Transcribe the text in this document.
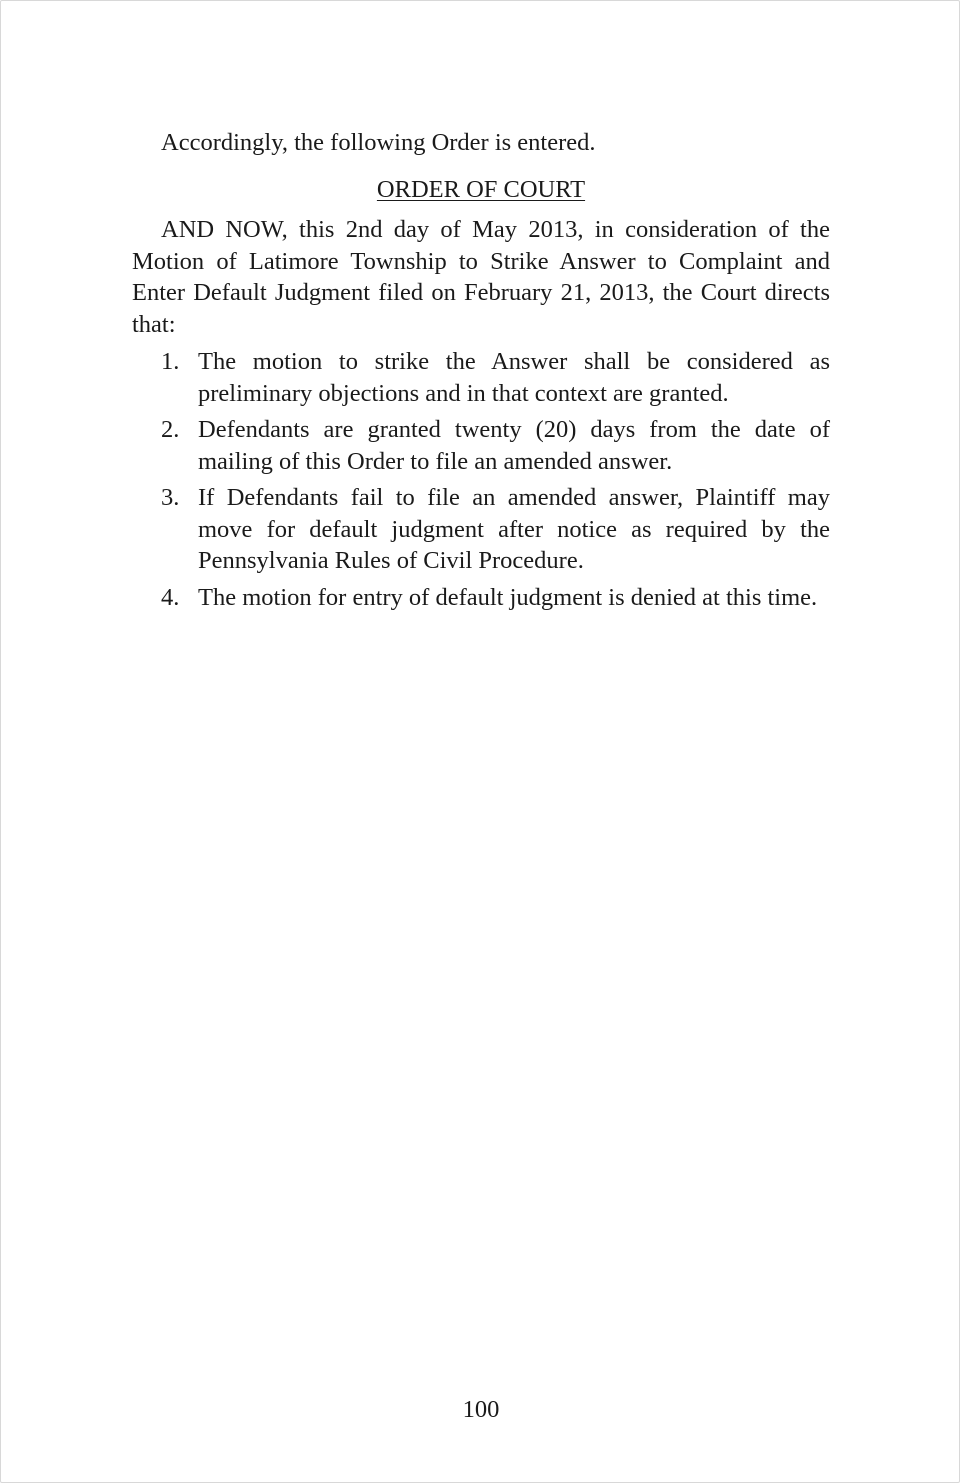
Accordingly, the following Order is entered.

ORDER OF COURT

AND NOW, this 2nd day of May 2013, in consideration of the Motion of Latimore Township to Strike Answer to Complaint and Enter Default Judgment filed on February 21, 2013, the Court directs that:

1. The motion to strike the Answer shall be considered as preliminary objections and in that context are granted.
2. Defendants are granted twenty (20) days from the date of mailing of this Order to file an amended answer.
3. If Defendants fail to file an amended answer, Plaintiff may move for default judgment after notice as required by the Pennsylvania Rules of Civil Procedure.
4. The motion for entry of default judgment is denied at this time.
100
